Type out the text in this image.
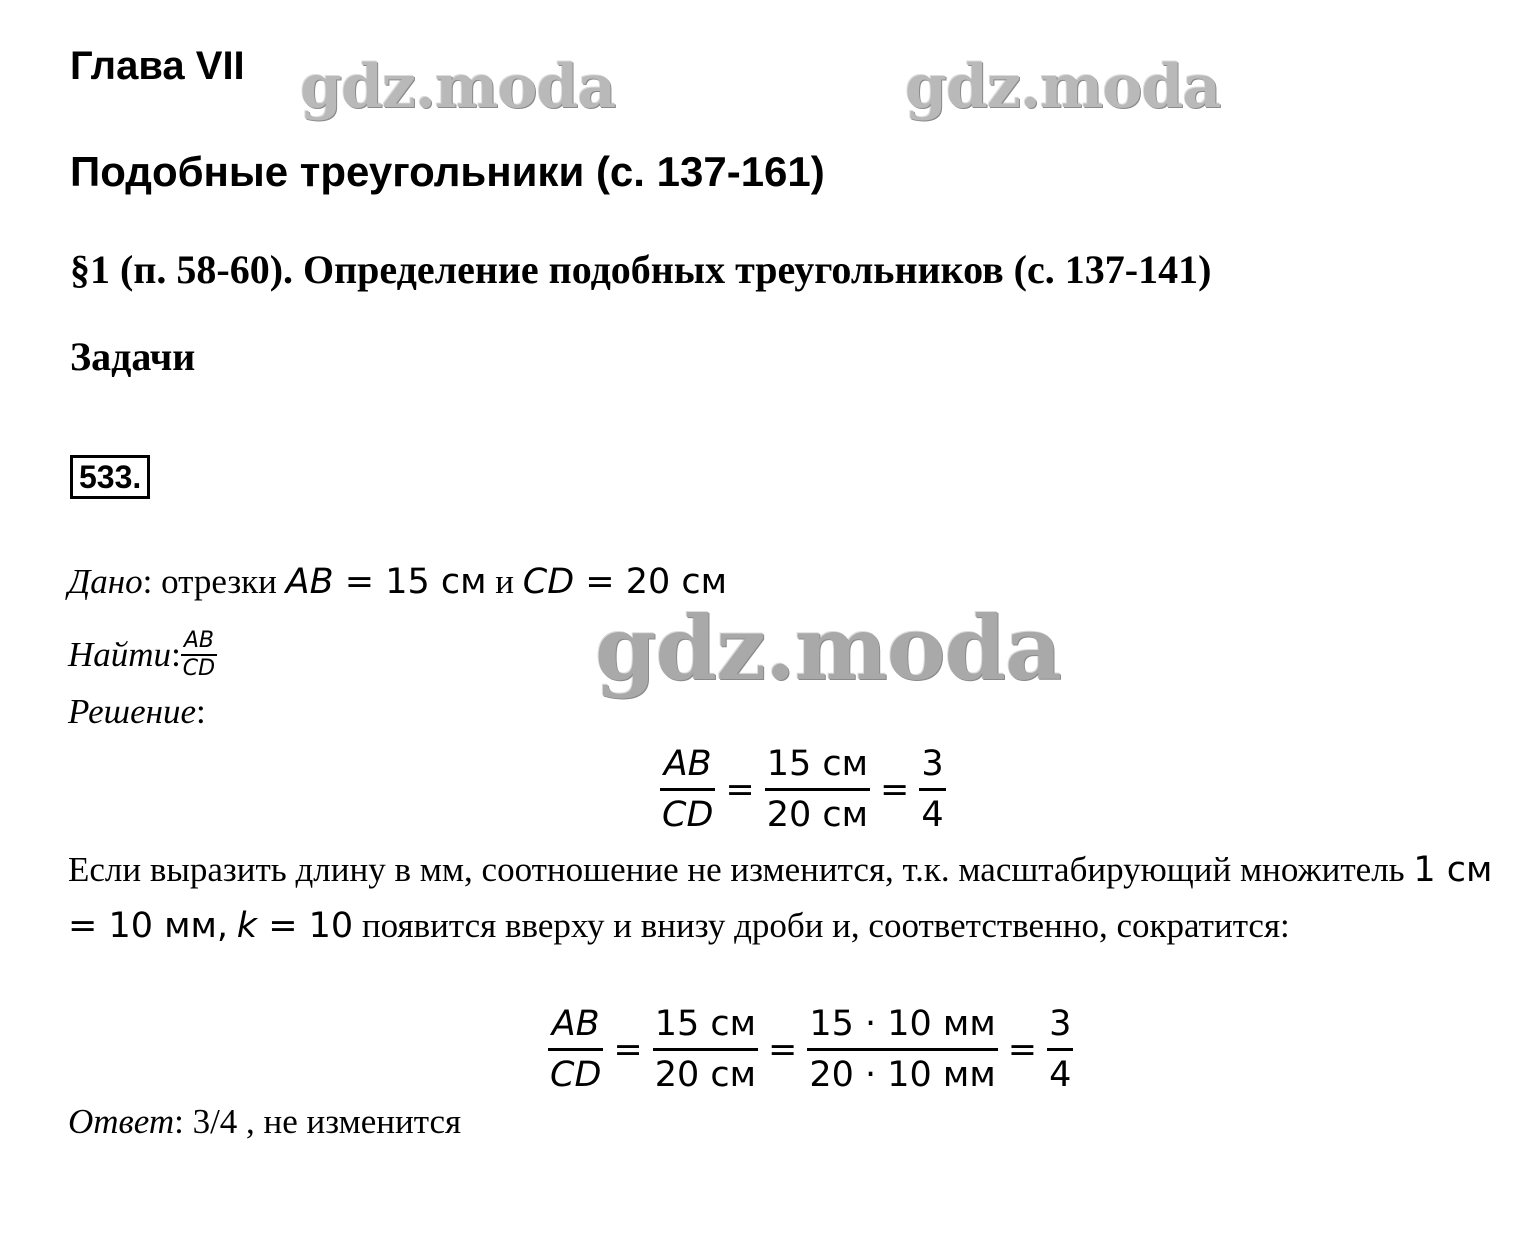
Глава VII gdz.moda	gdz.moda
Подобные треугольники (с. 137-161)
§1 (п. 58-60). Определение подобных треугольников (с. 137-141)
Задачи
533.
Дано: отрезки AB = 15 см и CD = 20 см
Найти : $\frac{AB}{CD}$	gdz.moda
Решение:
$\frac{AB}{CD} = \frac{15 см}{20 см} = \frac{3}{4}$
Если выразить длину в мм, соотношение не изменится, т.к. масштабирующий множитель 1 см = 10 мм, k = 10 появится вверху и внизу дроби и, соответственно, сократится:
$\frac{AB}{CD} = \frac{15 см}{20 см} = \frac{15 \cdot 10 мм}{20 \cdot 10 мм} = \frac{3}{4}$
Ответ: 3/4 , не изменится
